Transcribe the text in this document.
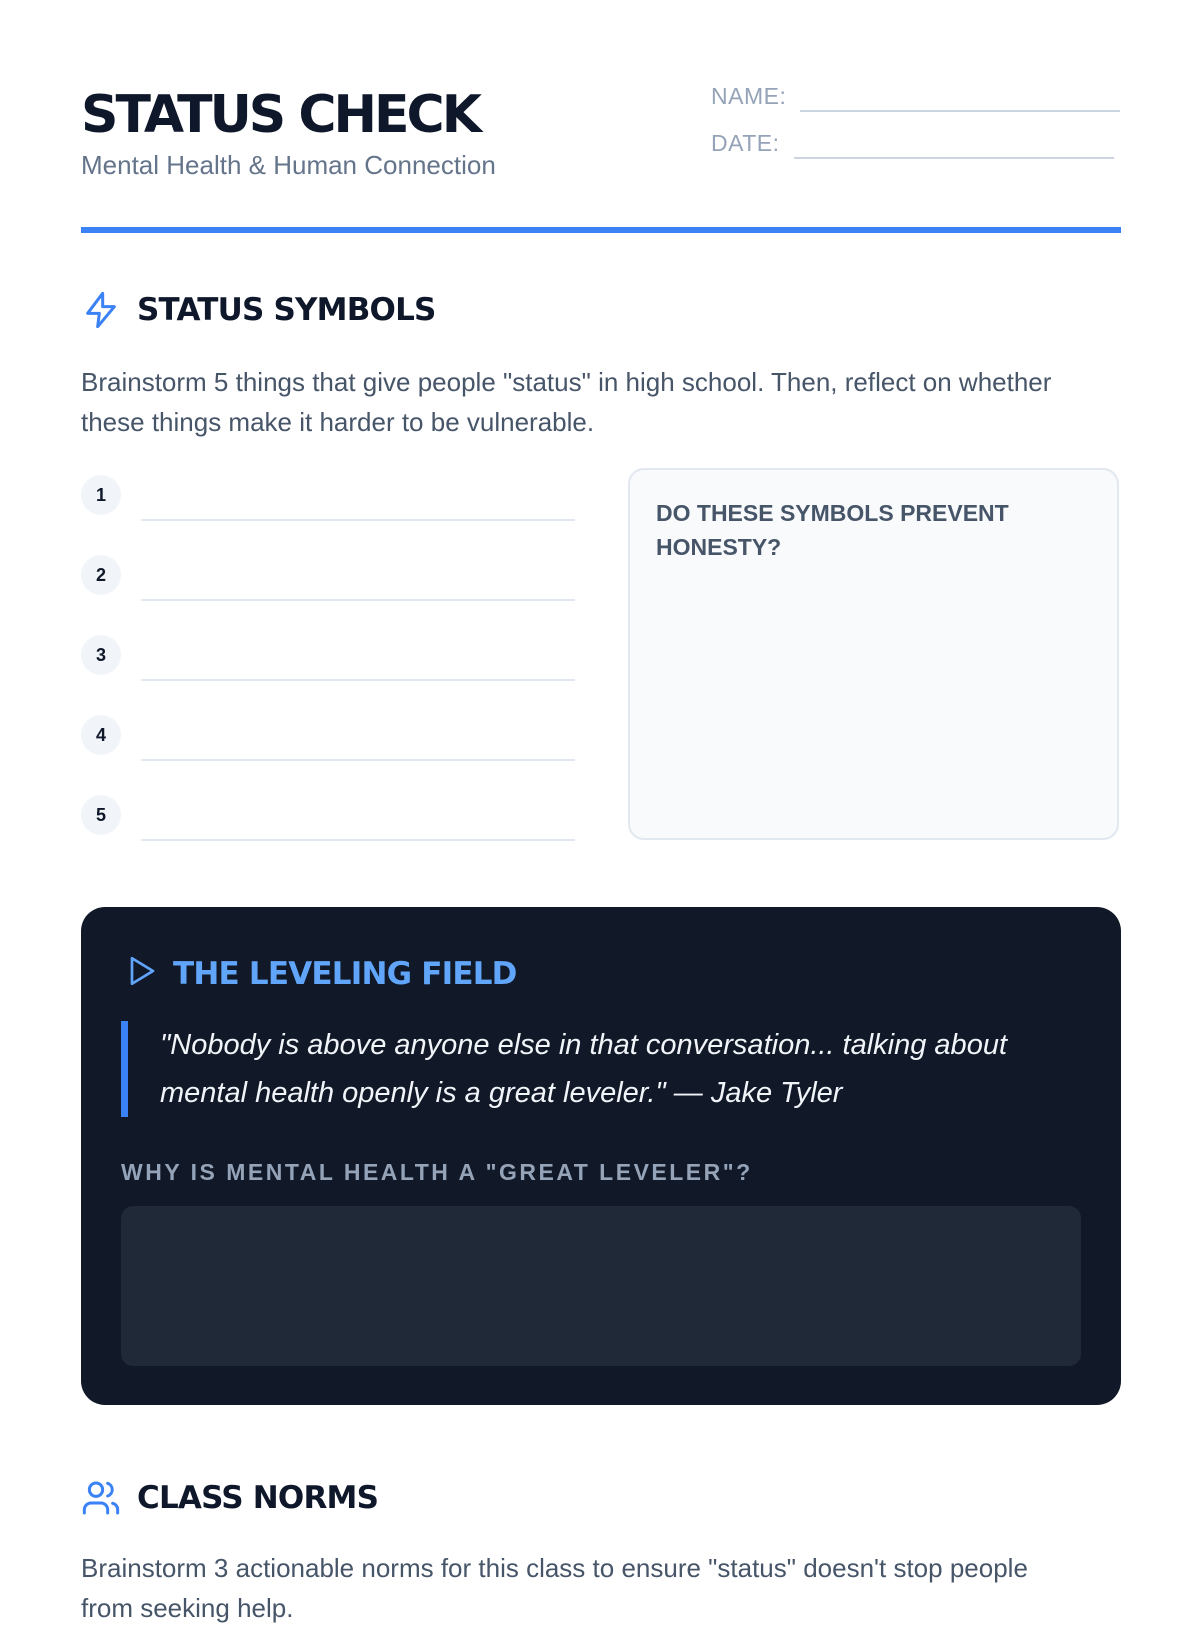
STATUS CHECK
Mental Health & Human Connection
NAME:
DATE:
STATUS SYMBOLS
Brainstorm 5 things that give people "status" in high school. Then, reflect on whether these things make it harder to be vulnerable.
1
2
3
4
5
DO THESE SYMBOLS PREVENT HONESTY?
THE LEVELING FIELD
"Nobody is above anyone else in that conversation... talking about mental health openly is a great leveler." — Jake Tyler
WHY IS MENTAL HEALTH A "GREAT LEVELER"?
CLASS NORMS
Brainstorm 3 actionable norms for this class to ensure "status" doesn't stop people from seeking help.
